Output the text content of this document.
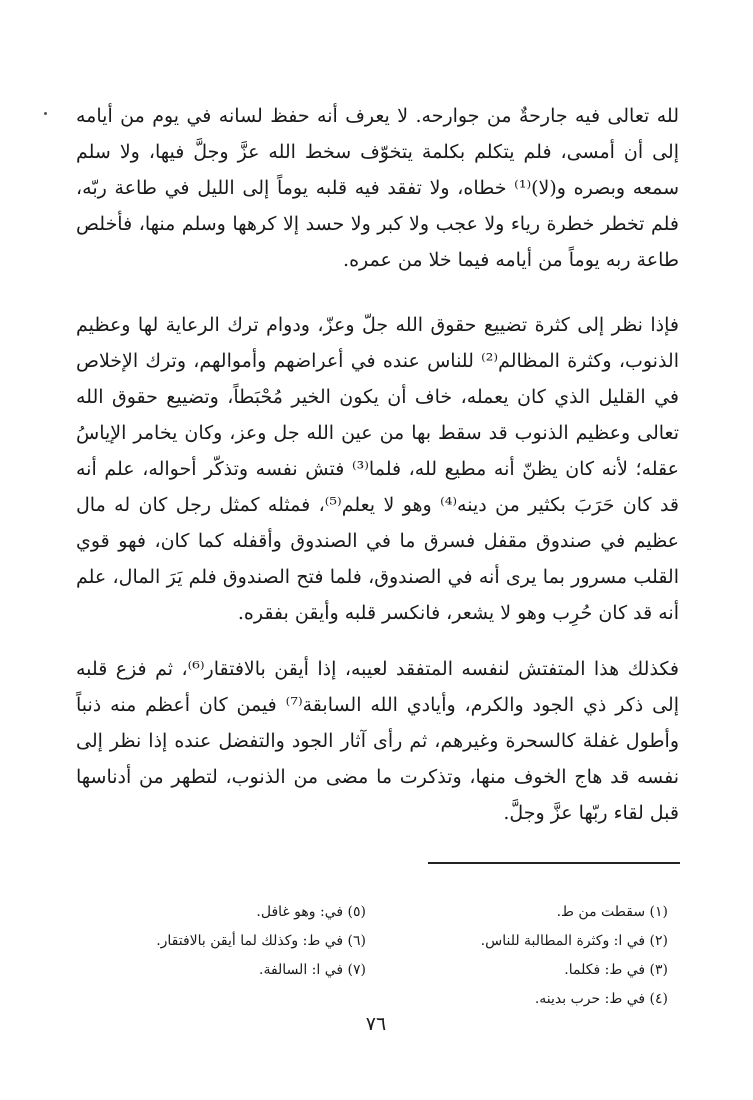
لله تعالى فيه جارحةٌ من جوارحه. لا يعرف أنه حفظ لسانه في يوم من أيامه إلى أن أمسى، فلم يتكلم بكلمة يتخوّف سخط الله عزَّ وجلَّ فيها، ولا سلم سمعه وبصره و(لا)⁽¹⁾ خطاه، ولا تفقد فيه قلبه يوماً إلى الليل في طاعة ربّه، فلم تخطر خطرة رياء ولا عجب ولا كبر ولا حسد إلا كرهها وسلم منها، فأخلص طاعة ربه يوماً من أيامه فيما خلا من عمره.

فإذا نظر إلى كثرة تضييع حقوق الله جلّ وعزّ، ودوام ترك الرعاية لها وعظيم الذنوب، وكثرة المظالم⁽²⁾ للناس عنده في أعراضهم وأموالهم، وترك الإخلاص في القليل الذي كان يعمله، خاف أن يكون الخير مُحْبَطاً، وتضييع حقوق الله تعالى وعظيم الذنوب قد سقط بها من عين الله جل وعز، وكان يخامر الإياسُ عقله؛ لأنه كان يظنّ أنه مطيع لله، فلما⁽³⁾ فتش نفسه وتذكّر أحواله، علم أنه قد كان حَرَبَ بكثير من دينه⁽⁴⁾ وهو لا يعلم⁽⁵⁾، فمثله كمثل رجل كان له مال عظيم في صندوق مقفل فسرق ما في الصندوق وأقفله كما كان، فهو قوي القلب مسرور بما يرى أنه في الصندوق، فلما فتح الصندوق فلم يَرَ المال، علم أنه قد كان حُرِب وهو لا يشعر، فانكسر قلبه وأيقن بفقره.

فكذلك هذا المتفتش لنفسه المتفقد لعيبه، إذا أيقن بالافتقار⁽⁶⁾، ثم فزع قلبه إلى ذكر ذي الجود والكرم، وأيادي الله السابقة⁽⁷⁾ فيمن كان أعظم منه ذنباً وأطول غفلة كالسحرة وغيرهم، ثم رأى آثار الجود والتفضل عنده إذا نظر إلى نفسه قد هاج الخوف منها، وتذكرت ما مضى من الذنوب، لتطهر من أدناسها قبل لقاء ربّها عزَّ وجلَّ.

(١) سقطت من ط.
(٢) في ا: وكثرة المطالبة للناس.
(٣) في ط: فكلما.
(٤) في ط: حرب بدينه.
(٥) في: وهو غافل.
(٦) في ط: وكذلك لما أيقن بالافتقار.
(٧) في ا: السالفة.
٧٦
